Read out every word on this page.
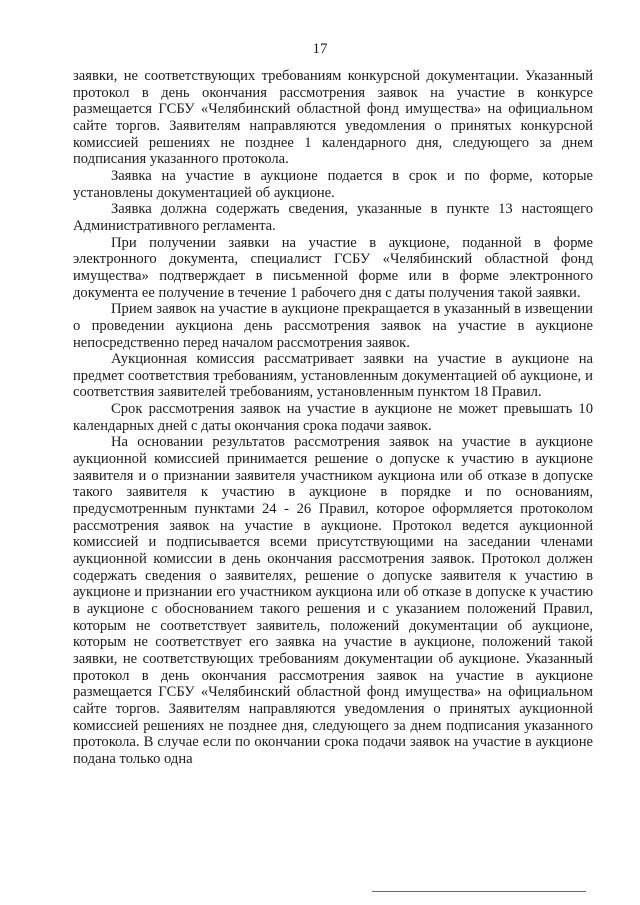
17

заявки, не соответствующих требованиям конкурсной документации. Указанный протокол в день окончания рассмотрения заявок на участие в конкурсе размещается ГСБУ «Челябинский областной фонд имущества» на официальном сайте торгов. Заявителям направляются уведомления о принятых конкурсной комиссией решениях не позднее 1 календарного дня, следующего за днем подписания указанного протокола.

Заявка на участие в аукционе подается в срок и по форме, которые установлены документацией об аукционе.

Заявка должна содержать сведения, указанные в пункте 13 настоящего Административного регламента.

При получении заявки на участие в аукционе, поданной в форме электронного документа, специалист ГСБУ «Челябинский областной фонд имущества» подтверждает в письменной форме или в форме электронного документа ее получение в течение 1 рабочего дня с даты получения такой заявки.

Прием заявок на участие в аукционе прекращается в указанный в извещении о проведении аукциона день рассмотрения заявок на участие в аукционе непосредственно перед началом рассмотрения заявок.

Аукционная комиссия рассматривает заявки на участие в аукционе на предмет соответствия требованиям, установленным документацией об аукционе, и соответствия заявителей требованиям, установленным пунктом 18 Правил.

Срок рассмотрения заявок на участие в аукционе не может превышать 10 календарных дней с даты окончания срока подачи заявок.

На основании результатов рассмотрения заявок на участие в аукционе аукционной комиссией принимается решение о допуске к участию в аукционе заявителя и о признании заявителя участником аукциона или об отказе в допуске такого заявителя к участию в аукционе в порядке и по основаниям, предусмотренным пунктами 24 - 26 Правил, которое оформляется протоколом рассмотрения заявок на участие в аукционе. Протокол ведется аукционной комиссией и подписывается всеми присутствующими на заседании членами аукционной комиссии в день окончания рассмотрения заявок. Протокол должен содержать сведения о заявителях, решение о допуске заявителя к участию в аукционе и признании его участником аукциона или об отказе в допуске к участию в аукционе с обоснованием такого решения и с указанием положений Правил, которым не соответствует заявитель, положений документации об аукционе, которым не соответствует его заявка на участие в аукционе, положений такой заявки, не соответствующих требованиям документации об аукционе. Указанный протокол в день окончания рассмотрения заявок на участие в аукционе размещается ГСБУ «Челябинский областной фонд имущества» на официальном сайте торгов. Заявителям направляются уведомления о принятых аукционной комиссией решениях не позднее дня, следующего за днем подписания указанного протокола. В случае если по окончании срока подачи заявок на участие в аукционе подана только одна
